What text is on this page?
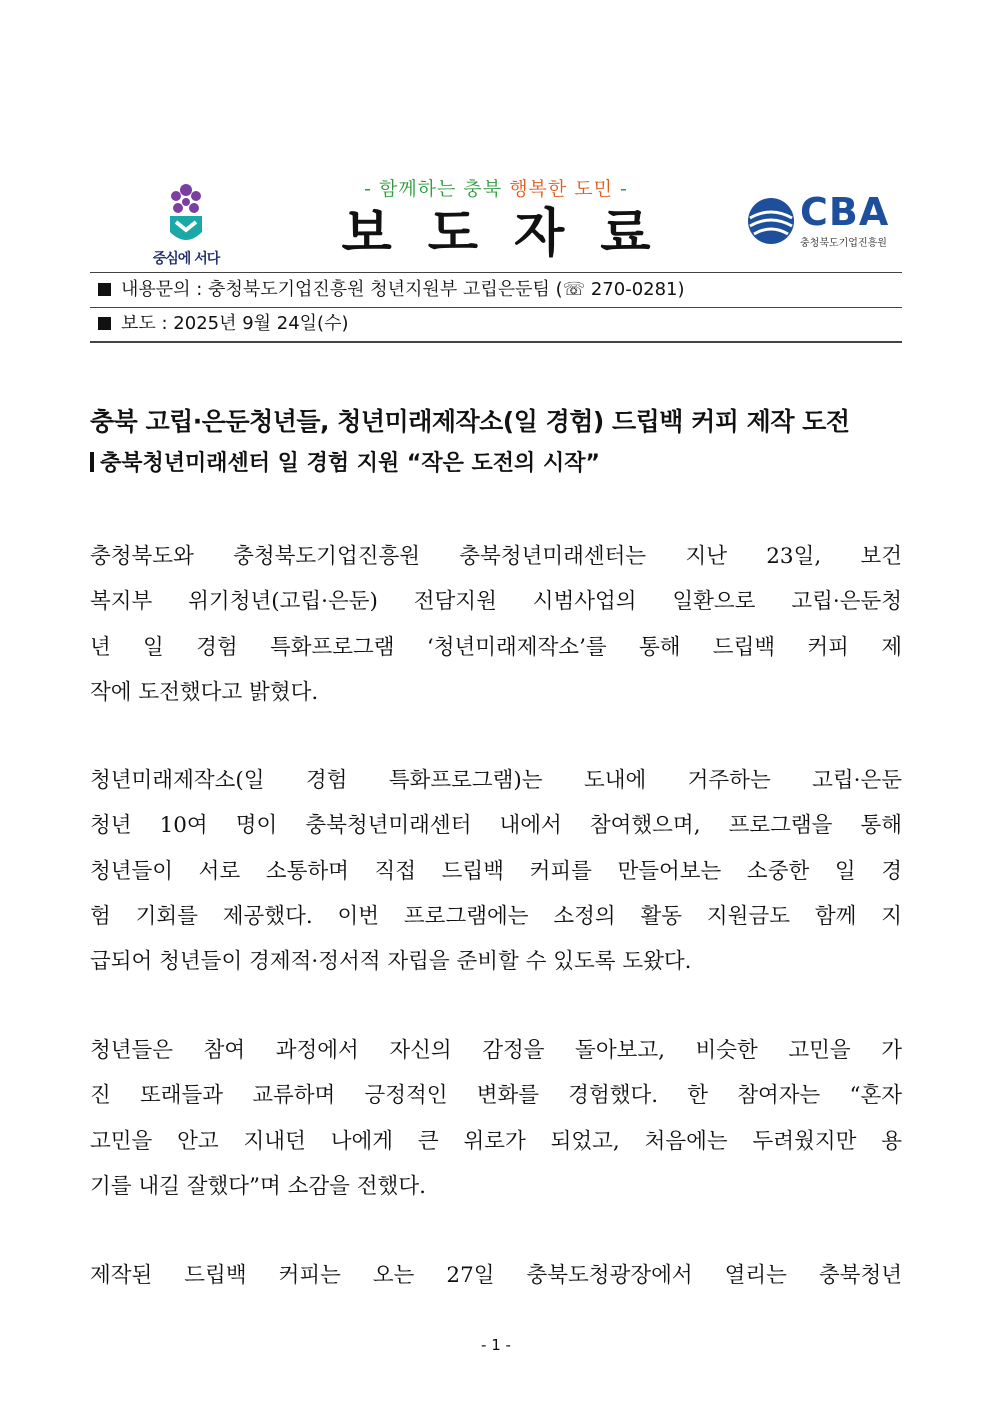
중심에 서다
- 함께하는 충북 행복한 도민 -
보도자료	CBA
충청북도기업진흥원
내용문의 : 충청북도기업진흥원 청년지원부 고립은둔팀 (☏ 270-0281)
보도 : 2025년 9월 24일(수)
충북 고립·은둔청년들, 청년미래제작소(일 경험) 드립백 커피 제작 도전
충북청년미래센터 일 경험 지원 “작은 도전의 시작”
충청북도와 충청북도기업진흥원 충북청년미래센터는 지난 23일, 보건
복지부 위기청년(고립·은둔) 전담지원 시범사업의 일환으로 고립·은둔청
년 일 경험 특화프로그램 ‘청년미래제작소’를 통해 드립백 커피 제
작에 도전했다고 밝혔다.
청년미래제작소(일 경험 특화프로그램)는 도내에 거주하는 고립·은둔
청년 10여 명이 충북청년미래센터 내에서 참여했으며, 프로그램을 통해
청년들이 서로 소통하며 직접 드립백 커피를 만들어보는 소중한 일 경
험 기회를 제공했다. 이번 프로그램에는 소정의 활동 지원금도 함께 지
급되어 청년들이 경제적·정서적 자립을 준비할 수 있도록 도왔다.
청년들은 참여 과정에서 자신의 감정을 돌아보고, 비슷한 고민을 가
진 또래들과 교류하며 긍정적인 변화를 경험했다. 한 참여자는 “혼자
고민을 안고 지내던 나에게 큰 위로가 되었고, 처음에는 두려웠지만 용
기를 내길 잘했다”며 소감을 전했다.
제작된 드립백 커피는 오는 27일 충북도청광장에서 열리는 충북청년
- 1 -
